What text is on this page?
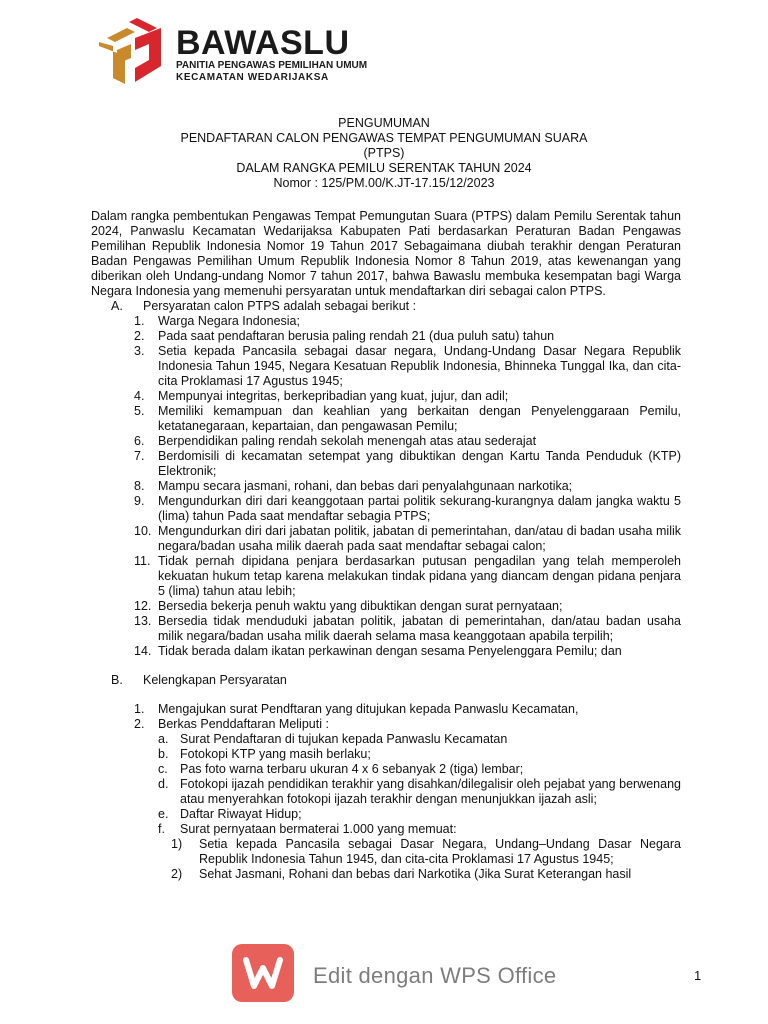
BAWASLU
PANITIA PENGAWAS PEMILIHAN UMUM
KECAMATAN WEDARIJAKSA
PENGUMUMAN
PENDAFTARAN CALON PENGAWAS TEMPAT PENGUMUMAN SUARA
(PTPS)
DALAM RANGKA PEMILU SERENTAK TAHUN 2024
Nomor : 125/PM.00/K.JT-17.15/12/2023
Dalam rangka pembentukan Pengawas Tempat Pemungutan Suara (PTPS) dalam Pemilu Serentak tahun 2024, Panwaslu Kecamatan Wedarijaksa Kabupaten Pati berdasarkan Peraturan Badan Pengawas Pemilihan Republik Indonesia Nomor 19 Tahun 2017 Sebagaimana diubah terakhir dengan Peraturan Badan Pengawas Pemilihan Umum Republik Indonesia Nomor 8 Tahun 2019, atas kewenangan yang diberikan oleh Undang-undang Nomor 7 tahun 2017, bahwa Bawaslu membuka kesempatan bagi Warga Negara Indonesia yang memenuhi persyaratan untuk mendaftarkan diri sebagai calon PTPS.
A.	Persyaratan calon PTPS adalah sebagai berikut :
1.	Warga Negara Indonesia;
2.	Pada saat pendaftaran berusia paling rendah 21 (dua puluh satu) tahun
3.	Setia kepada Pancasila sebagai dasar negara, Undang-Undang Dasar Negara Republik Indonesia Tahun 1945, Negara Kesatuan Republik Indonesia, Bhinneka Tunggal Ika, dan cita-cita Proklamasi 17 Agustus 1945;
4.	Mempunyai integritas, berkepribadian yang kuat, jujur, dan adil;
5.	Memiliki kemampuan dan keahlian yang berkaitan dengan Penyelenggaraan Pemilu, ketatanegaraan, kepartaian, dan pengawasan Pemilu;
6.	Berpendidikan paling rendah sekolah menengah atas atau sederajat
7.	Berdomisili di kecamatan setempat yang dibuktikan dengan Kartu Tanda Penduduk (KTP) Elektronik;
8.	Mampu secara jasmani, rohani, dan bebas dari penyalahgunaan narkotika;
9.	Mengundurkan diri dari keanggotaan partai politik sekurang-kurangnya dalam jangka waktu 5 (lima) tahun Pada saat mendaftar sebagia PTPS;
10. Mengundurkan diri dari jabatan politik, jabatan di pemerintahan, dan/atau di badan usaha milik negara/badan usaha milik daerah pada saat mendaftar sebagai calon;
11. Tidak pernah dipidana penjara berdasarkan putusan pengadilan yang telah memperoleh kekuatan hukum tetap karena melakukan tindak pidana yang diancam dengan pidana penjara 5 (lima) tahun atau lebih;
12. Bersedia bekerja penuh waktu yang dibuktikan dengan surat pernyataan;
13. Bersedia tidak menduduki jabatan politik, jabatan di pemerintahan, dan/atau badan usaha milik negara/badan usaha milik daerah selama masa keanggotaan apabila terpilih;
14. Tidak berada dalam ikatan perkawinan dengan sesama Penyelenggara Pemilu; dan
B.	Kelengkapan Persyaratan
1.	Mengajukan surat Pendftaran yang ditujukan kepada Panwaslu Kecamatan,
2.	Berkas Penddaftaran Meliputi :
a. Surat Pendaftaran di tujukan kepada Panwaslu Kecamatan
b. Fotokopi KTP yang masih berlaku;
c. Pas foto warna terbaru ukuran 4 x 6 sebanyak 2 (tiga) lembar;
d. Fotokopi ijazah pendidikan terakhir yang disahkan/dilegalisir oleh pejabat yang berwenang atau menyerahkan fotokopi ijazah terakhir dengan menunjukkan ijazah asli;
e. Daftar Riwayat Hidup;
f.	Surat pernyataan bermaterai 1.000 yang memuat:
1)	Setia kepada Pancasila sebagai Dasar Negara, Undang–Undang Dasar Negara Republik Indonesia Tahun 1945, dan cita-cita Proklamasi 17 Agustus 1945;
2)	Sehat Jasmani, Rohani dan bebas dari Narkotika (Jika Surat Keterangan hasil
Edit dengan WPS Office	1
